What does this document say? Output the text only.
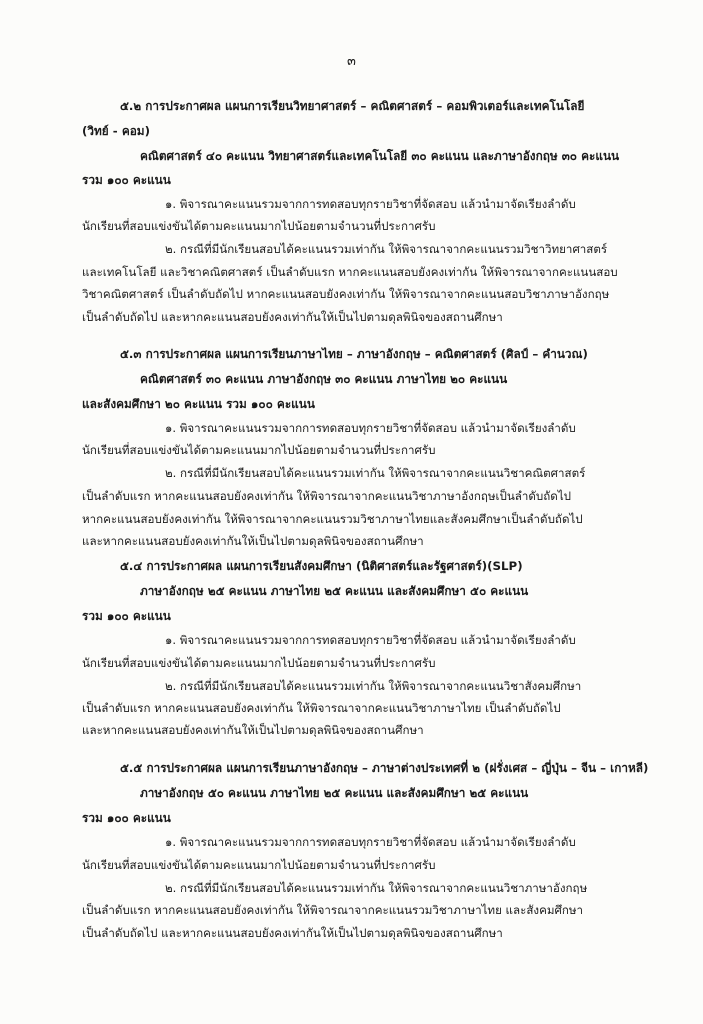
๓
๕.๒ การประกาศผล แผนการเรียนวิทยาศาสตร์ – คณิตศาสตร์ – คอมพิวเตอร์และเทคโนโลยี
(วิทย์ - คอม)
คณิตศาสตร์ ๔๐ คะแนน วิทยาศาสตร์และเทคโนโลยี ๓๐ คะแนน และภาษาอังกฤษ ๓๐ คะแนน
รวม ๑๐๐ คะแนน
๑. พิจารณาคะแนนรวมจากการทดสอบทุกรายวิชาที่จัดสอบ แล้วนำมาจัดเรียงลำดับ
นักเรียนที่สอบแข่งขันได้ตามคะแนนมากไปน้อยตามจำนวนที่ประกาศรับ
๒. กรณีที่มีนักเรียนสอบได้คะแนนรวมเท่ากัน ให้พิจารณาจากคะแนนรวมวิชาวิทยาศาสตร์
และเทคโนโลยี และวิชาคณิตศาสตร์ เป็นลำดับแรก หากคะแนนสอบยังคงเท่ากัน ให้พิจารณาจากคะแนนสอบ
วิชาคณิตศาสตร์ เป็นลำดับถัดไป หากคะแนนสอบยังคงเท่ากัน ให้พิจารณาจากคะแนนสอบวิชาภาษาอังกฤษ
เป็นลำดับถัดไป และหากคะแนนสอบยังคงเท่ากันให้เป็นไปตามดุลพินิจของสถานศึกษา
๕.๓ การประกาศผล แผนการเรียนภาษาไทย – ภาษาอังกฤษ – คณิตศาสตร์ (ศิลป์ – คำนวณ)
คณิตศาสตร์ ๓๐ คะแนน ภาษาอังกฤษ ๓๐ คะแนน ภาษาไทย ๒๐ คะแนน
และสังคมศึกษา ๒๐ คะแนน รวม ๑๐๐ คะแนน
๑. พิจารณาคะแนนรวมจากการทดสอบทุกรายวิชาที่จัดสอบ แล้วนำมาจัดเรียงลำดับ
นักเรียนที่สอบแข่งขันได้ตามคะแนนมากไปน้อยตามจำนวนที่ประกาศรับ
๒. กรณีที่มีนักเรียนสอบได้คะแนนรวมเท่ากัน ให้พิจารณาจากคะแนนวิชาคณิตศาสตร์
เป็นลำดับแรก หากคะแนนสอบยังคงเท่ากัน ให้พิจารณาจากคะแนนวิชาภาษาอังกฤษเป็นลำดับถัดไป
หากคะแนนสอบยังคงเท่ากัน ให้พิจารณาจากคะแนนรวมวิชาภาษาไทยและสังคมศึกษาเป็นลำดับถัดไป
และหากคะแนนสอบยังคงเท่ากันให้เป็นไปตามดุลพินิจของสถานศึกษา
๕.๔ การประกาศผล แผนการเรียนสังคมศึกษา (นิติศาสตร์และรัฐศาสตร์)(SLP)
ภาษาอังกฤษ ๒๕ คะแนน ภาษาไทย ๒๕ คะแนน และสังคมศึกษา ๕๐ คะแนน
รวม ๑๐๐ คะแนน
๑. พิจารณาคะแนนรวมจากการทดสอบทุกรายวิชาที่จัดสอบ แล้วนำมาจัดเรียงลำดับ
นักเรียนที่สอบแข่งขันได้ตามคะแนนมากไปน้อยตามจำนวนที่ประกาศรับ
๒. กรณีที่มีนักเรียนสอบได้คะแนนรวมเท่ากัน ให้พิจารณาจากคะแนนวิชาสังคมศึกษา
เป็นลำดับแรก หากคะแนนสอบยังคงเท่ากัน ให้พิจารณาจากคะแนนวิชาภาษาไทย เป็นลำดับถัดไป
และหากคะแนนสอบยังคงเท่ากันให้เป็นไปตามดุลพินิจของสถานศึกษา
๕.๕ การประกาศผล แผนการเรียนภาษาอังกฤษ – ภาษาต่างประเทศที่ ๒ (ฝรั่งเศส – ญี่ปุ่น – จีน – เกาหลี)
ภาษาอังกฤษ ๕๐ คะแนน ภาษาไทย ๒๕ คะแนน และสังคมศึกษา ๒๕ คะแนน
รวม ๑๐๐ คะแนน
๑. พิจารณาคะแนนรวมจากการทดสอบทุกรายวิชาที่จัดสอบ แล้วนำมาจัดเรียงลำดับ
นักเรียนที่สอบแข่งขันได้ตามคะแนนมากไปน้อยตามจำนวนที่ประกาศรับ
๒. กรณีที่มีนักเรียนสอบได้คะแนนรวมเท่ากัน ให้พิจารณาจากคะแนนวิชาภาษาอังกฤษ
เป็นลำดับแรก หากคะแนนสอบยังคงเท่ากัน ให้พิจารณาจากคะแนนรวมวิชาภาษาไทย และสังคมศึกษา
เป็นลำดับถัดไป และหากคะแนนสอบยังคงเท่ากันให้เป็นไปตามดุลพินิจของสถานศึกษา
